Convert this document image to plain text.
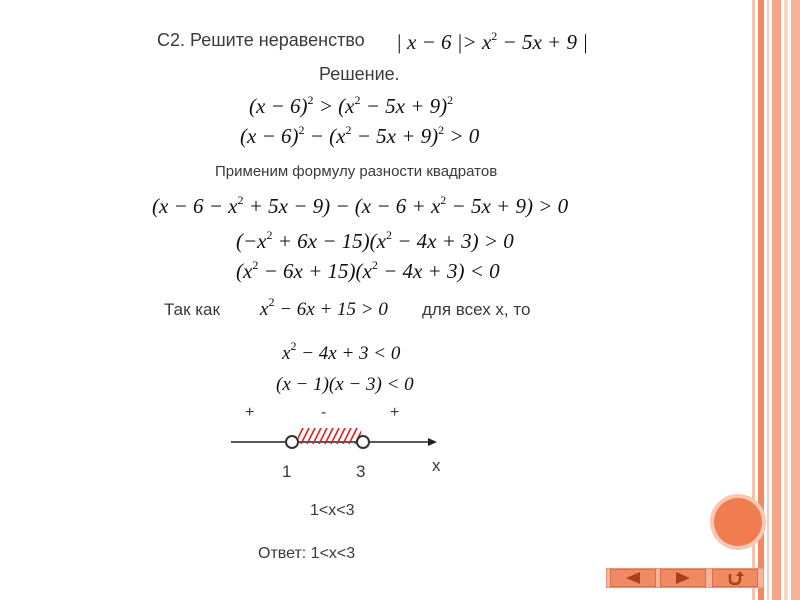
С2. Решите неравенство | x − 6 |> $x^2 - 5x + 9$ |
Решение.
$(x - 6)^2 > (x^2 - 5x + 9)^2$
$(x - 6)^2 - (x^2 - 5x + 9)^2 > 0$
Применим формулу разности квадратов
$(x - 6 - x^2 + 5x - 9) - (x - 6 + x^2 - 5x + 9) > 0$
$(-x^2 + 6x - 15)(x^2 - 4x + 3) > 0$
$(x^2 - 6x + 15)(x^2 - 4x + 3) < 0$
Так как $x^2 - 6x + 15 > 0$ для всех х, то
$x^2 - 4x + 3 < 0$
(x − 1)(x − 3) < 0
+	-	+
1	3	х
1<x<3
Ответ: 1<x<3
